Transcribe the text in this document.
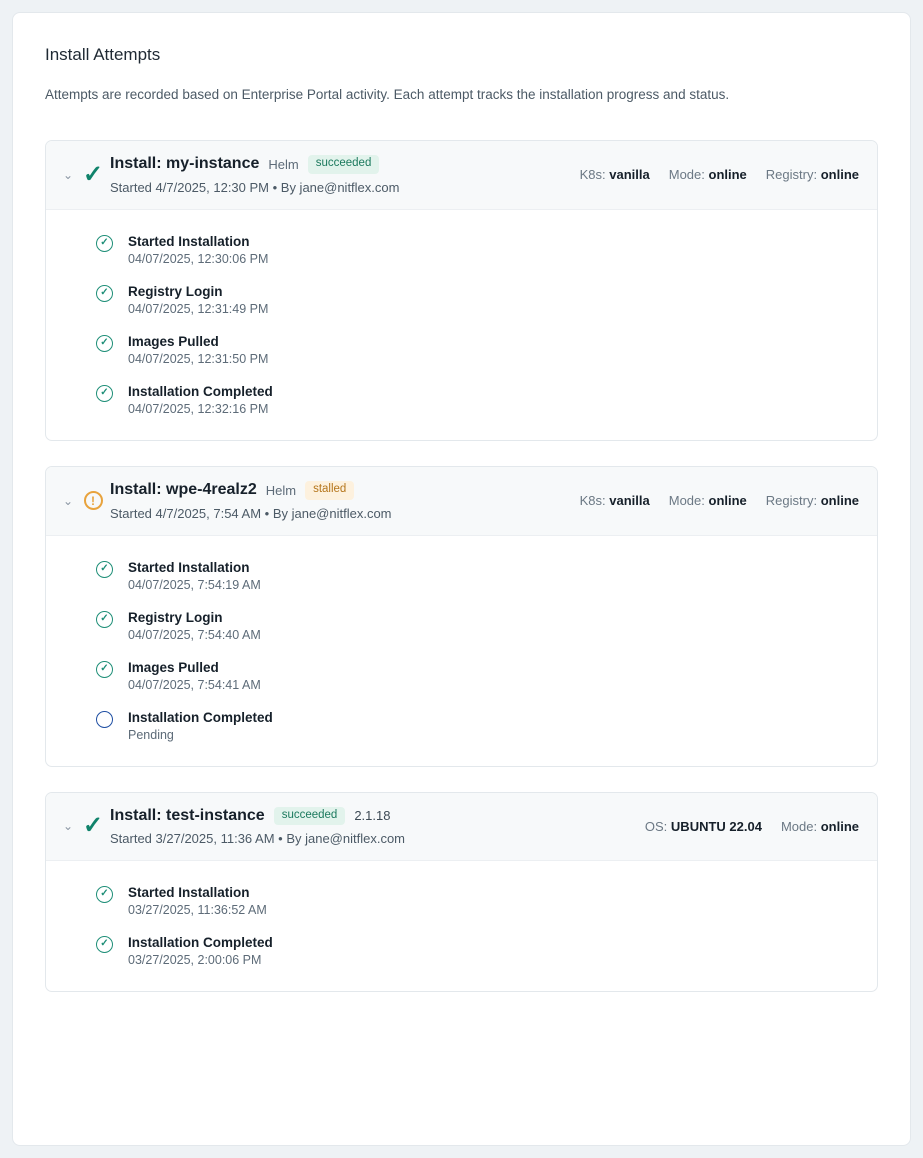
Install Attempts
Attempts are recorded based on Enterprise Portal activity. Each attempt tracks the installation progress and status.
⌄ ✓ Install: my-instance Helm	succeeded
Started 4/7/2025, 12:30 PM • By jane@nitflex.com
K8s: vanilla Mode: online Registry: online
✓	Started Installation
04/07/2025, 12:30:06 PM
✓	Registry Login
04/07/2025, 12:31:49 PM
✓	Images Pulled
04/07/2025, 12:31:50 PM
✓	Installation Completed
04/07/2025, 12:32:16 PM
⌄	!
Install: wpe-4realz2 Helm	stalled
Started 4/7/2025, 7:54 AM • By jane@nitflex.com
K8s: vanilla Mode: online Registry: online
✓	Started Installation
04/07/2025, 7:54:19 AM
✓	Registry Login
04/07/2025, 7:54:40 AM
✓	Images Pulled
04/07/2025, 7:54:41 AM
Installation Completed
Pending
⌄ ✓ Install: test-instance	succeeded	2.1.18
Started 3/27/2025, 11:36 AM • By jane@nitflex.com
OS: UBUNTU 22.04 Mode: online
✓	Started Installation
03/27/2025, 11:36:52 AM
✓	Installation Completed
03/27/2025, 2:00:06 PM
